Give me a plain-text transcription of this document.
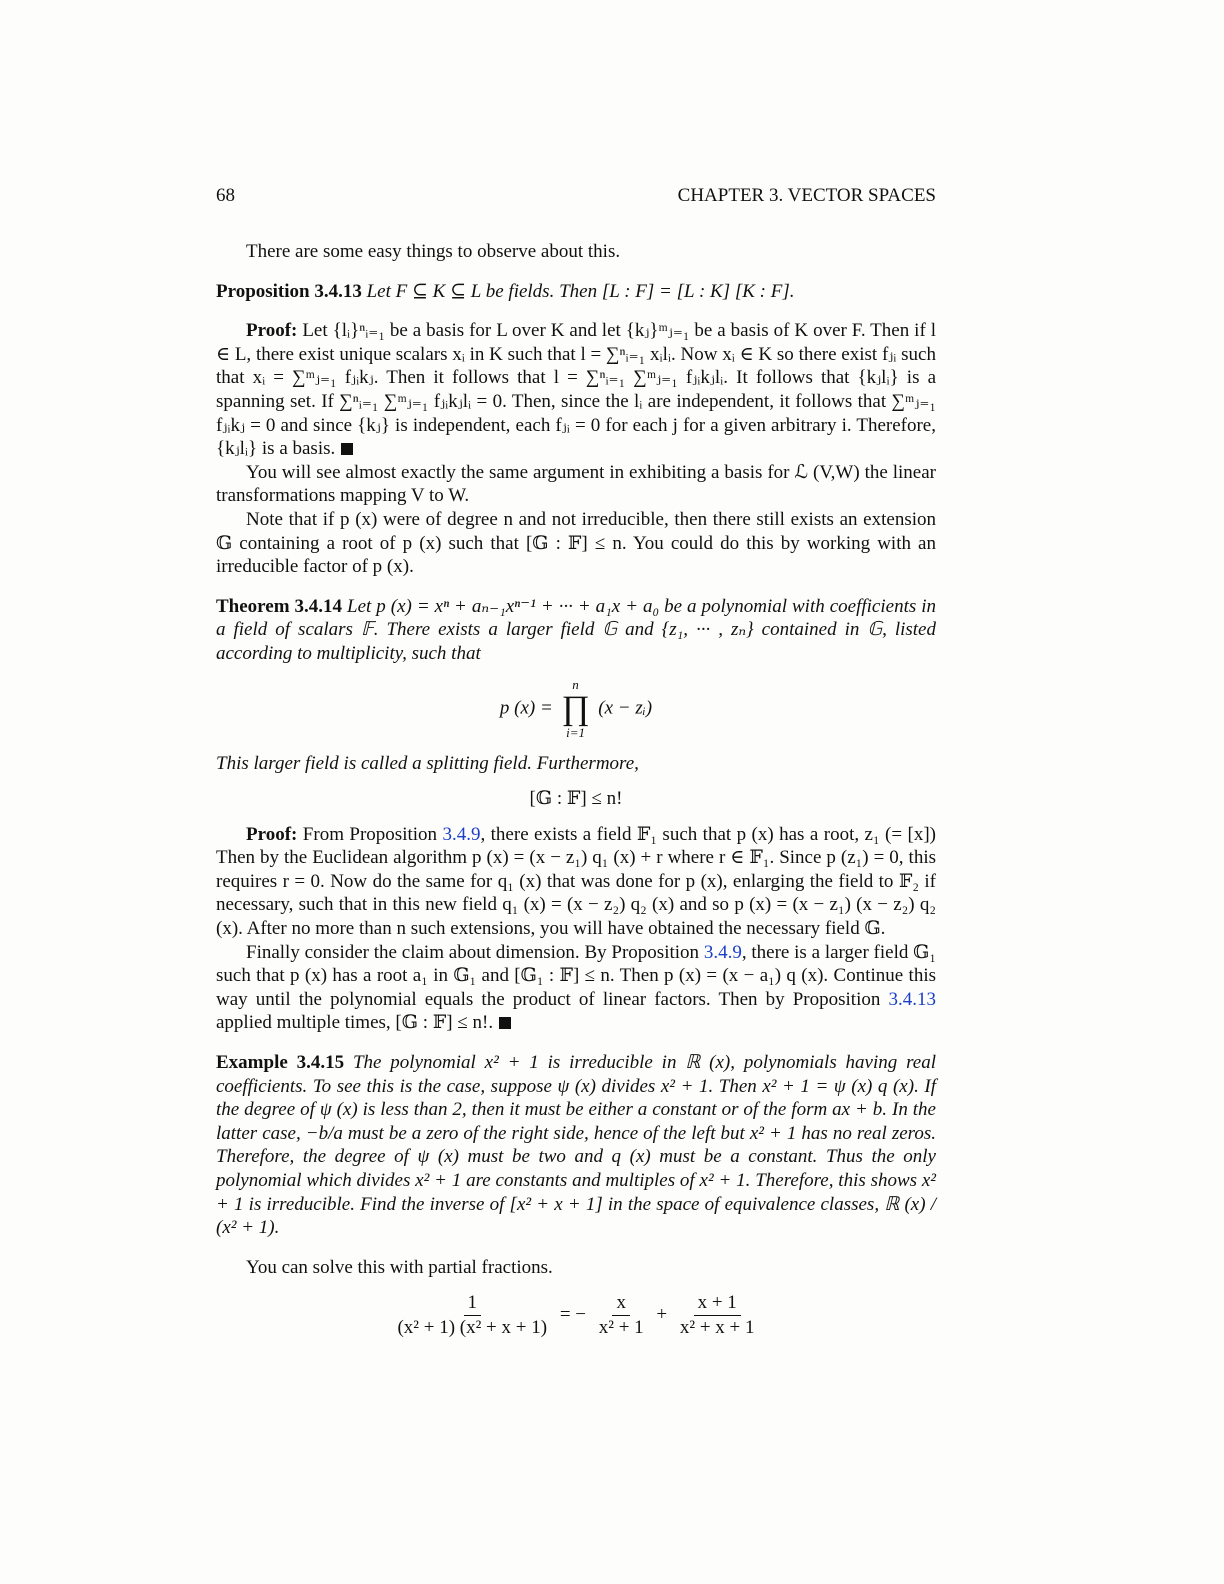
68	CHAPTER 3. VECTOR SPACES

There are some easy things to observe about this.

Proposition 3.4.13 Let F ⊆ K ⊆ L be fields. Then [L : F] = [L : K] [K : F].

Proof: Let {lᵢ}ⁿᵢ₌₁ be a basis for L over K and let {kⱼ}ᵐⱼ₌₁ be a basis of K over F. Then if l ∈ L, there exist unique scalars xᵢ in K such that l = ∑ⁿᵢ₌₁ xᵢlᵢ. Now xᵢ ∈ K so there exist fⱼᵢ such that xᵢ = ∑ᵐⱼ₌₁ fⱼᵢkⱼ. Then it follows that l = ∑ⁿᵢ₌₁ ∑ᵐⱼ₌₁ fⱼᵢkⱼlᵢ. It follows that {kⱼlᵢ} is a spanning set. If ∑ⁿᵢ₌₁ ∑ᵐⱼ₌₁ fⱼᵢkⱼlᵢ = 0. Then, since the lᵢ are independent, it follows that ∑ᵐⱼ₌₁ fⱼᵢkⱼ = 0 and since {kⱼ} is independent, each fⱼᵢ = 0 for each j for a given arbitrary i. Therefore, {kⱼlᵢ} is a basis.

You will see almost exactly the same argument in exhibiting a basis for ℒ (V,W) the linear transformations mapping V to W.

Note that if p (x) were of degree n and not irreducible, then there still exists an extension 𝔾 containing a root of p (x) such that [𝔾 : 𝔽] ≤ n. You could do this by working with an irreducible factor of p (x).

Theorem 3.4.14 Let p (x) = xⁿ + aₙ₋₁xⁿ⁻¹ + ··· + a₁x + a₀ be a polynomial with coefficients in a field of scalars 𝔽. There exists a larger field 𝔾 and {z₁, ··· , zₙ} contained in 𝔾, listed according to multiplicity, such that

p (x) =
n
∏
i=1
(x − zᵢ)

This larger field is called a splitting field. Furthermore,

[𝔾 : 𝔽] ≤ n!

Proof: From Proposition 3.4.9, there exists a field 𝔽₁ such that p (x) has a root, z₁ (= [x]) Then by the Euclidean algorithm p (x) = (x − z₁) q₁ (x) + r where r ∈ 𝔽₁. Since p (z₁) = 0, this requires r = 0. Now do the same for q₁ (x) that was done for p (x), enlarging the field to 𝔽₂ if necessary, such that in this new field q₁ (x) = (x − z₂) q₂ (x) and so p (x) = (x − z₁) (x − z₂) q₂ (x). After no more than n such extensions, you will have obtained the necessary field 𝔾.

Finally consider the claim about dimension. By Proposition 3.4.9, there is a larger field 𝔾₁ such that p (x) has a root a₁ in 𝔾₁ and [𝔾₁ : 𝔽] ≤ n. Then p (x) = (x − a₁) q (x). Continue this way until the polynomial equals the product of linear factors. Then by Proposition 3.4.13 applied multiple times, [𝔾 : 𝔽] ≤ n!.

Example 3.4.15 The polynomial x² + 1 is irreducible in ℝ (x), polynomials having real coefficients. To see this is the case, suppose ψ (x) divides x² + 1. Then x² + 1 = ψ (x) q (x). If the degree of ψ (x) is less than 2, then it must be either a constant or of the form ax + b. In the latter case, −b/a must be a zero of the right side, hence of the left but x² + 1 has no real zeros. Therefore, the degree of ψ (x) must be two and q (x) must be a constant. Thus the only polynomial which divides x² + 1 are constants and multiples of x² + 1. Therefore, this shows x² + 1 is irreducible. Find the inverse of [x² + x + 1] in the space of equivalence classes, ℝ (x) / (x² + 1).

You can solve this with partial fractions.

$\frac{1}{\text{(x² + 1) (x² + x + 1)}}$ = − $\frac{x}{\text{x² + 1}} + \frac{x + 1}{\text{x² + x + 1}}$
